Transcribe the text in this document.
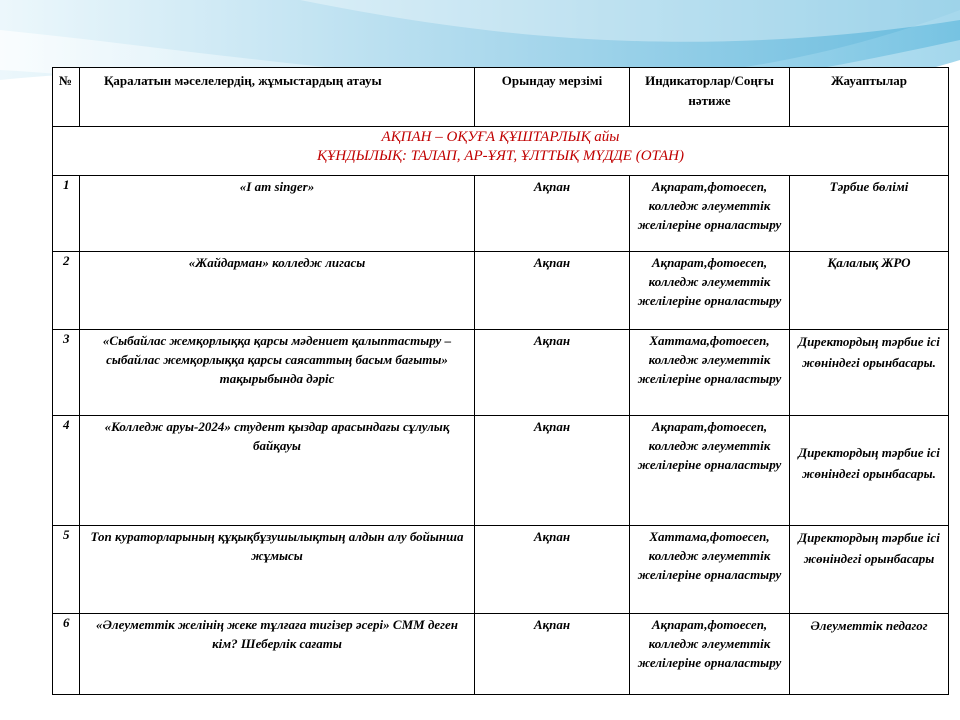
№	Қаралатын мәселелердің, жұмыстардың атауы	Орындау мерзімі	Индикаторлар/Соңғы нәтиже	Жауаптылар

АҚПАН – ОҚУҒА ҚҰШТАРЛЫҚ айы
ҚҰНДЫЛЫҚ: ТАЛАП, АР-ҰЯТ, ҰЛТТЫҚ МҮДДЕ (ОТАН)				

1	«I am singer»	Ақпан	Ақпарат,фотоесеп, колледж әлеуметтік желілеріне орналастыру	Тәрбие бөлімі
2	«Жайдарман» колледж лигасы	Ақпан	Ақпарат,фотоесеп, колледж әлеуметтік желілеріне орналастыру	Қалалық ЖРО
3	«Сыбайлас жемқорлыққа қарсы мәдениет қалыптастыру – сыбайлас жемқорлыққа қарсы саясаттың басым бағыты» тақырыбында дәріс	Ақпан	Хаттама,фотоесеп, колледж әлеуметтік желілеріне орналастыру	Директордың тәрбие ісі жөніндегі орынбасары.
4	«Колледж аруы-2024» студент қыздар арасындағы сұлулық байқауы	Ақпан	Ақпарат,фотоесеп, колледж әлеуметтік желілеріне орналастыру	Директордың тәрбие ісі жөніндегі орынбасары.
5	Топ кураторларының құқықбұзушылықтың алдын алу бойынша жұмысы	Ақпан	Хаттама,фотоесеп, колледж әлеуметтік желілеріне орналастыру	Директордың тәрбие ісі жөніндегі орынбасары
6	«Әлеуметтік желінің жеке тұлғаға тигізер әсері» СММ деген кім? Шеберлік сағаты	Ақпан	Ақпарат,фотоесеп, колледж әлеуметтік желілеріне орналастыру	Әлеуметтік педагог
